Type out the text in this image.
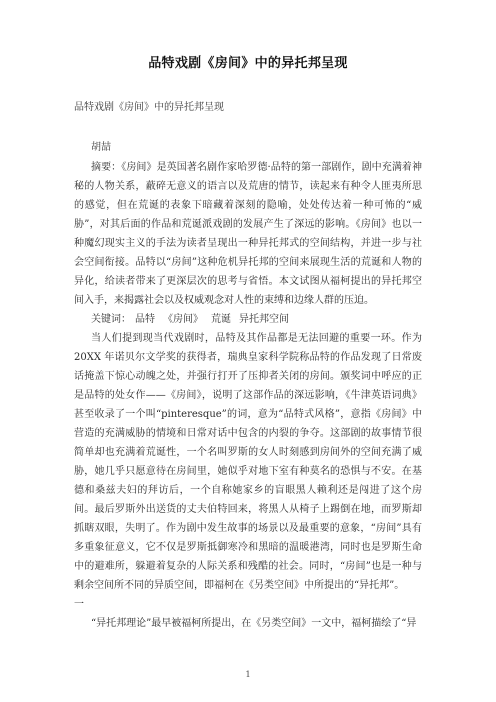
品特戏剧《房间》中的异托邦呈现
品特戏剧《房间》中的异托邦呈现
胡喆

摘要：《房间》是英国著名剧作家哈罗德·品特的第一部剧作，剧中充满着神秘的人物关系，蔽碎无意义的语言以及荒唐的情节，读起来有种令人匪夷所思的感觉，但在荒诞的表象下暗藏着深刻的隐喻，处处传达着一种可怖的“威胁”，对其后面的作品和荒诞派戏剧的发展产生了深远的影响。《房间》也以一种魔幻现实主义的手法为读者呈现出一种异托邦式的空间结构，并进一步与社会空间衔接。品特以“房间”这种危机异托邦的空间来展现生活的荒诞和人物的异化，给读者带来了更深层次的思考与省悟。本文试图从福柯提出的异托邦空间入手，来揭露社会以及权威观念对人性的束缚和边缘人群的压迫。

关键词： 品特 《房间》 荒诞 异托邦空间

当人们提到现当代戏剧时，品特及其作品都是无法回避的重要一环。作为20XX 年诺贝尔文学奖的获得者，瑞典皇家科学院称品特的作品发现了日常废话掩盖下惊心动魄之处，并强行打开了压抑者关闭的房间。颁奖词中呼应的正是品特的处女作——《房间》，说明了这部作品的深远影响，《牛津英语词典》甚至收录了一个叫“pinteresque”的词，意为“品特式风格”，意指《房间》中营造的充满威胁的情境和日常对话中包含的内裂的争夺。这部剧的故事情节很简单却也充满着荒诞性，一个名叫罗斯的女人时刻感到房间外的空间充满了威胁，她几乎只愿意待在房间里，她似乎对地下室有种莫名的恐惧与不安。在基德和桑兹夫妇的拜访后，一个自称她家乡的盲眼黑人赖利还是闯进了这个房间。最后罗斯外出送货的丈夫伯特回来，将黑人从椅子上踢倒在地，而罗斯却抓瞎双眼，失明了。作为剧中发生故事的场景以及最重要的意象，“房间”具有多重象征意义，它不仅是罗斯抵御寒冷和黑暗的温暖港湾，同时也是罗斯生命中的避难所，躲避着复杂的人际关系和残酷的社会。同时，“房间”也是一种与剩余空间所不同的异质空间，即福柯在《另类空间》中所提出的“异托邦”。

一

“异托邦理论”最早被福柯所提出，在《另类空间》一文中，福柯描绘了“异

1
